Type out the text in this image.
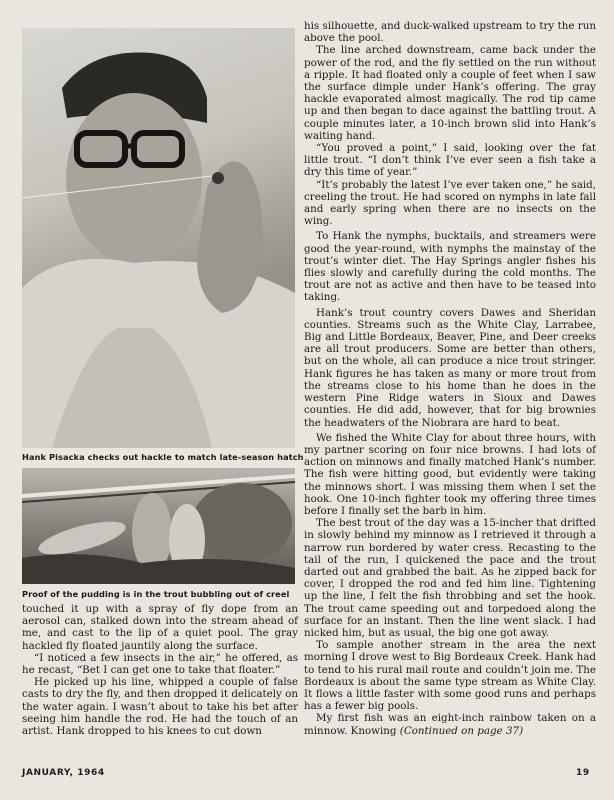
Hank Pisacka checks out hackle to match late-season hatch
Proof of the pudding is in the trout bubbling out of creel

touched it up with a spray of fly dope from an aerosol can, stalked down into the stream ahead of me, and cast to the lip of a quiet pool. The gray hackled fly floated jauntily along the surface.

“I noticed a few insects in the air,” he offered, as he recast, “Bet I can get one to take that floater.”

He picked up his line, whipped a couple of false casts to dry the fly, and then dropped it delicately on the water again. I wasn’t about to take his bet after seeing him handle the rod. He had the touch of an artist. Hank dropped to his knees to cut down

his silhouette, and duck-walked upstream to try the run above the pool.

The line arched downstream, came back under the power of the rod, and the fly settled on the run without a ripple. It had floated only a couple of feet when I saw the surface dimple under Hank’s offering. The gray hackle evaporated almost magically. The rod tip came up and then began to dace against the battling trout. A couple minutes later, a 10-inch brown slid into Hank’s waiting hand.

“You proved a point,” I said, looking over the fat little trout. “I don’t think I’ve ever seen a fish take a dry this time of year.”

“It’s probably the latest I’ve ever taken one,” he said, creeling the trout. He had scored on nymphs in late fall and early spring when there are no insects on the wing.

To Hank the nymphs, bucktails, and streamers were good the year-round, with nymphs the mainstay of the trout’s winter diet. The Hay Springs angler fishes his flies slowly and carefully during the cold months. The trout are not as active and then have to be teased into taking.

Hank’s trout country covers Dawes and Sheridan counties. Streams such as the White Clay, Larrabee, Big and Little Bordeaux, Beaver, Pine, and Deer creeks are all trout producers. Some are better than others, but on the whole, all can produce a nice trout stringer. Hank figures he has taken as many or more trout from the streams close to his home than he does in the western Pine Ridge waters in Sioux and Dawes counties. He did add, however, that for big brownies the headwaters of the Niobrara are hard to beat.

We fished the White Clay for about three hours, with my partner scoring on four nice browns. I had lots of action on minnows and finally matched Hank’s number. The fish were hitting good, but evidently were taking the minnows short. I was missing them when I set the hook. One 10-inch fighter took my offering three times before I finally set the barb in him.

The best trout of the day was a 15-incher that drifted in slowly behind my minnow as I retrieved it through a narrow run bordered by water cress. Recasting to the tail of the run, I quickened the pace and the trout darted out and grabbed the bait. As he zipped back for cover, I dropped the rod and fed him line. Tightening up the line, I felt the fish throbbing and set the hook. The trout came speeding out and torpedoed along the surface for an instant. Then the line went slack. I had nicked him, but as usual, the big one got away.

To sample another stream in the area the next morning I drove west to Big Bordeaux Creek. Hank had to tend to his rural mail route and couldn’t join me. The Bordeaux is about the same type stream as White Clay. It flows a little faster with some good runs and perhaps has a fewer big pools.

My first fish was an eight-inch rainbow taken on a minnow. Knowing (Continued on page 37)

JANUARY, 1964	19
